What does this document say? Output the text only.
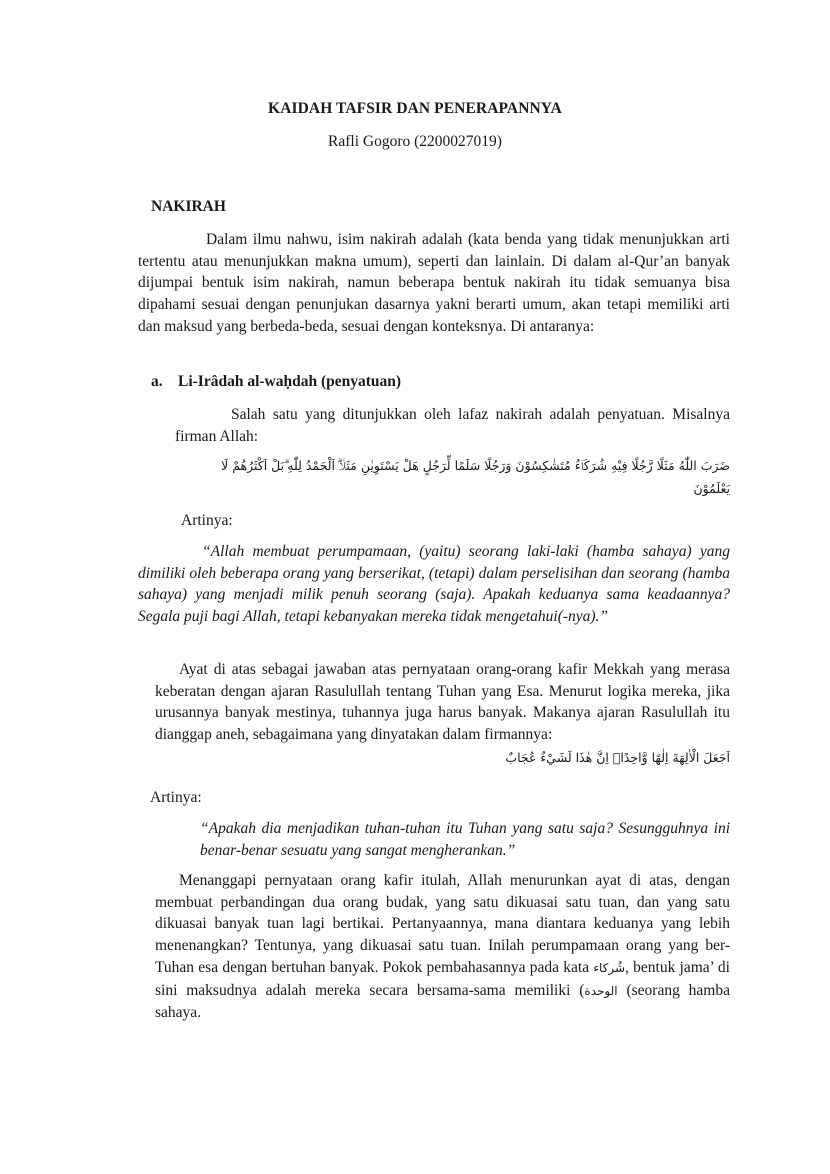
KAIDAH TAFSIR DAN PENERAPANNYA
Rafli Gogoro (2200027019)
NAKIRAH
Dalam ilmu nahwu, isim nakirah adalah (kata benda yang tidak menunjukkan arti tertentu atau menunjukkan makna umum), seperti dan lainlain. Di dalam al-Qur’an banyak dijumpai bentuk isim nakirah, namun beberapa bentuk nakirah itu tidak semuanya bisa dipahami sesuai dengan penunjukan dasarnya yakni berarti umum, akan tetapi memiliki arti dan maksud yang berbeda-beda, sesuai dengan konteksnya. Di antaranya:
a. Li-Irâdah al-waḥdah (penyatuan)
Salah satu yang ditunjukkan oleh lafaz nakirah adalah penyatuan. Misalnya firman Allah:
ضَرَبَ اللّٰهُ مَثَلًا رَّجُلًا فِيْهِ شُرَكَاۤءُ مُتَشٰكِسُوْنَ وَرَجُلًا سَلَمًا لِّرَجُلٍ هَلْ يَسْتَوِيٰنِ مَثَلًاۗ اَلْحَمْدُ لِلّٰهِ ۗبَلْ اَكْثَرُهُمْ لَا يَعْلَمُوْنَ
Artinya:
“Allah membuat perumpamaan, (yaitu) seorang laki-laki (hamba sahaya) yang dimiliki oleh beberapa orang yang berserikat, (tetapi) dalam perselisihan dan seorang (hamba sahaya) yang menjadi milik penuh seorang (saja). Apakah keduanya sama keadaannya? Segala puji bagi Allah, tetapi kebanyakan mereka tidak mengetahui(-nya).”
Ayat di atas sebagai jawaban atas pernyataan orang-orang kafir Mekkah yang merasa keberatan dengan ajaran Rasulullah tentang Tuhan yang Esa. Menurut logika mereka, jika urusannya banyak mestinya, tuhannya juga harus banyak. Makanya ajaran Rasulullah itu dianggap aneh, sebagaimana yang dinyatakan dalam firmannya:
اَجَعَلَ الْاٰلِهَةَ اِلٰهًا وَّاحِدًاۖ اِنَّ هٰذَا لَشَيْءٌ عُجَابٌ
Artinya:
“Apakah dia menjadikan tuhan-tuhan itu Tuhan yang satu saja? Sesungguhnya ini benar-benar sesuatu yang sangat mengherankan.”
Menanggapi pernyataan orang kafir itulah, Allah menurunkan ayat di atas, dengan membuat perbandingan dua orang budak, yang satu dikuasai satu tuan, dan yang satu dikuasai banyak tuan lagi bertikai. Pertanyaannya, mana diantara keduanya yang lebih menenangkan? Tentunya, yang dikuasai satu tuan. Inilah perumpamaan orang yang ber-Tuhan esa dengan bertuhan banyak. Pokok pembahasannya pada kata شُركاء, bentuk jama’ di sini maksudnya adalah mereka secara bersama-sama memiliki (الوحدة (seorang hamba sahaya.
